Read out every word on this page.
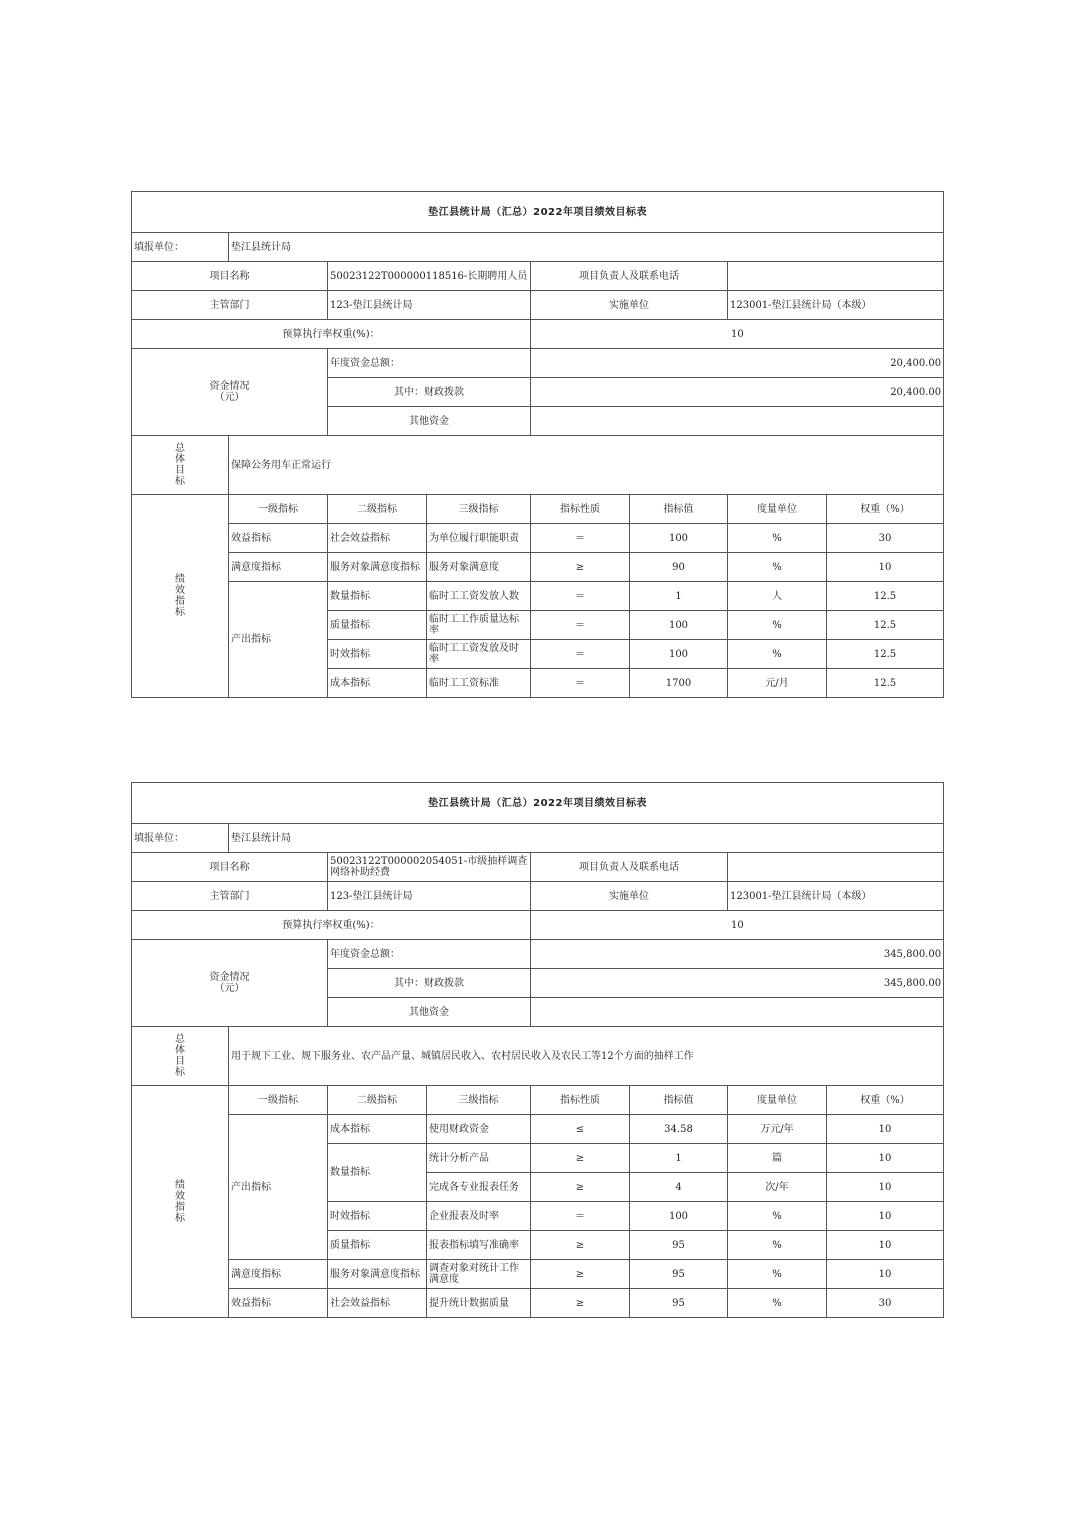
垫江县统计局（汇总）2022年项目绩效目标表							
填报单位：	垫江县统计局						
项目名称		50023122T000000118516-长期聘用人员		项目负责人及联系电话			
主管部门		123-垫江县统计局		实施单位		123001-垫江县统计局（本级）	
预算执行率权重(%)：				10			

资金情况
（元）		年度资金总额：		20,400.00			
		其中：财政拨款		20,400.00			
		其他资金					

总
体
目
标	保障公务用车正常运行						

绩
效
指
标	一级指标	二级指标	三级指标	指标性质	指标值	度量单位	权重（%）
	效益指标	社会效益指标	为单位履行职能职责	＝	100	%	30
	满意度指标	服务对象满意度指标	服务对象满意度	≥	90	%	10
	产出指标	数量指标	临时工工资发放人数	＝	1	人	12.5
		质量指标	临时工工作质量达标率	＝	100	%	12.5
		时效指标	临时工工资发放及时率	＝	100	%	12.5
		成本指标	临时工工资标准	＝	1700	元/月	12.5
垫江县统计局（汇总）2022年项目绩效目标表							
填报单位：	垫江县统计局						
项目名称		50023122T000002054051-市级抽样调查网络补助经费		项目负责人及联系电话			
主管部门		123-垫江县统计局		实施单位		123001-垫江县统计局（本级）	
预算执行率权重(%)：				10			

资金情况
（元）		年度资金总额：		345,800.00			
		其中：财政拨款		345,800.00			
		其他资金					

总
体
目
标	用于规下工业、规下服务业、农产品产量、城镇居民收入、农村居民收入及农民工等12个方面的抽样工作						

绩
效
指
标	一级指标	二级指标	三级指标	指标性质	指标值	度量单位	权重（%）
	产出指标	成本指标	使用财政资金	≤	34.58	万元/年	10
		数量指标	统计分析产品	≥	1	篇	10
			完成各专业报表任务	≥	4	次/年	10
		时效指标	企业报表及时率	＝	100	%	10
		质量指标	报表指标填写准确率	≥	95	%	10
	满意度指标	服务对象满意度指标	调查对象对统计工作满意度	≥	95	%	10
	效益指标	社会效益指标	提升统计数据质量	≥	95	%	30
